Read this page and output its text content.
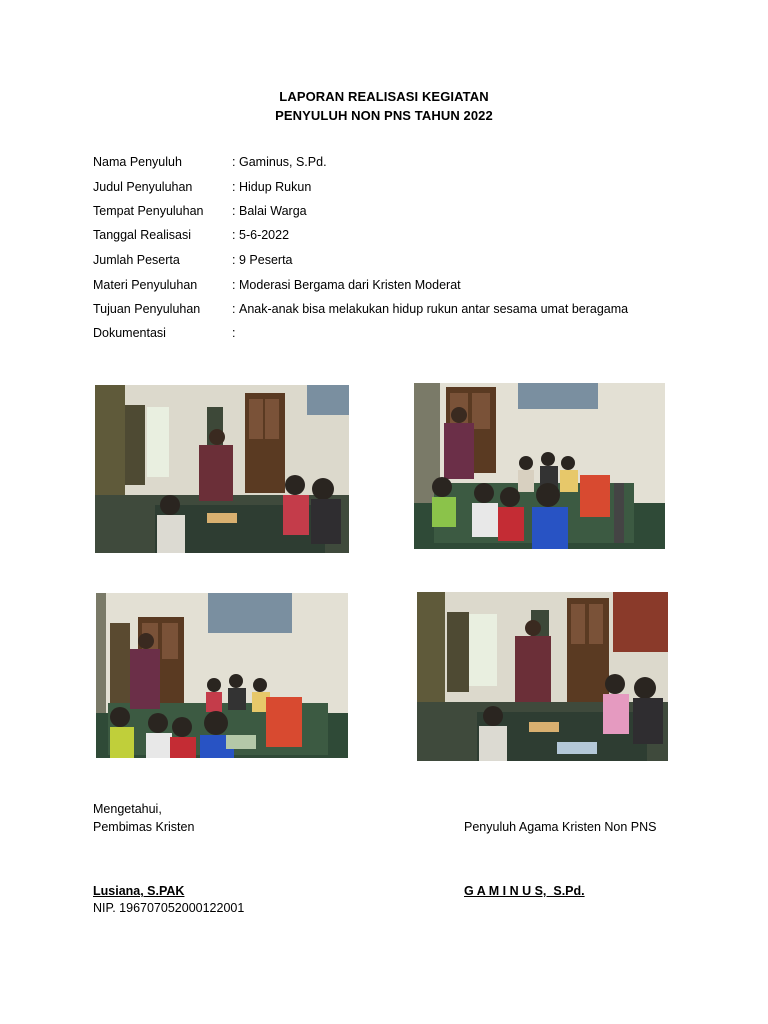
LAPORAN REALISASI KEGIATAN
PENYULUH NON PNS TAHUN 2022
Nama Penyuluh	: Gaminus, S.Pd.
Judul Penyuluhan	: Hidup Rukun
Tempat Penyuluhan	: Balai Warga
Tanggal Realisasi	: 5-6-2022
Jumlah Peserta	: 9 Peserta
Materi Penyuluhan	: Moderasi Bergama dari Kristen Moderat
Tujuan Penyuluhan	: Anak-anak bisa melakukan hidup rukun antar sesama umat beragama
Dokumentasi	:
Mengetahui,
Pembimas Kristen	Penyuluh Agama Kristen Non PNS
Lusiana, S.PAK
NIP. 196707052000122001
G A M I N U S,  S.Pd.
